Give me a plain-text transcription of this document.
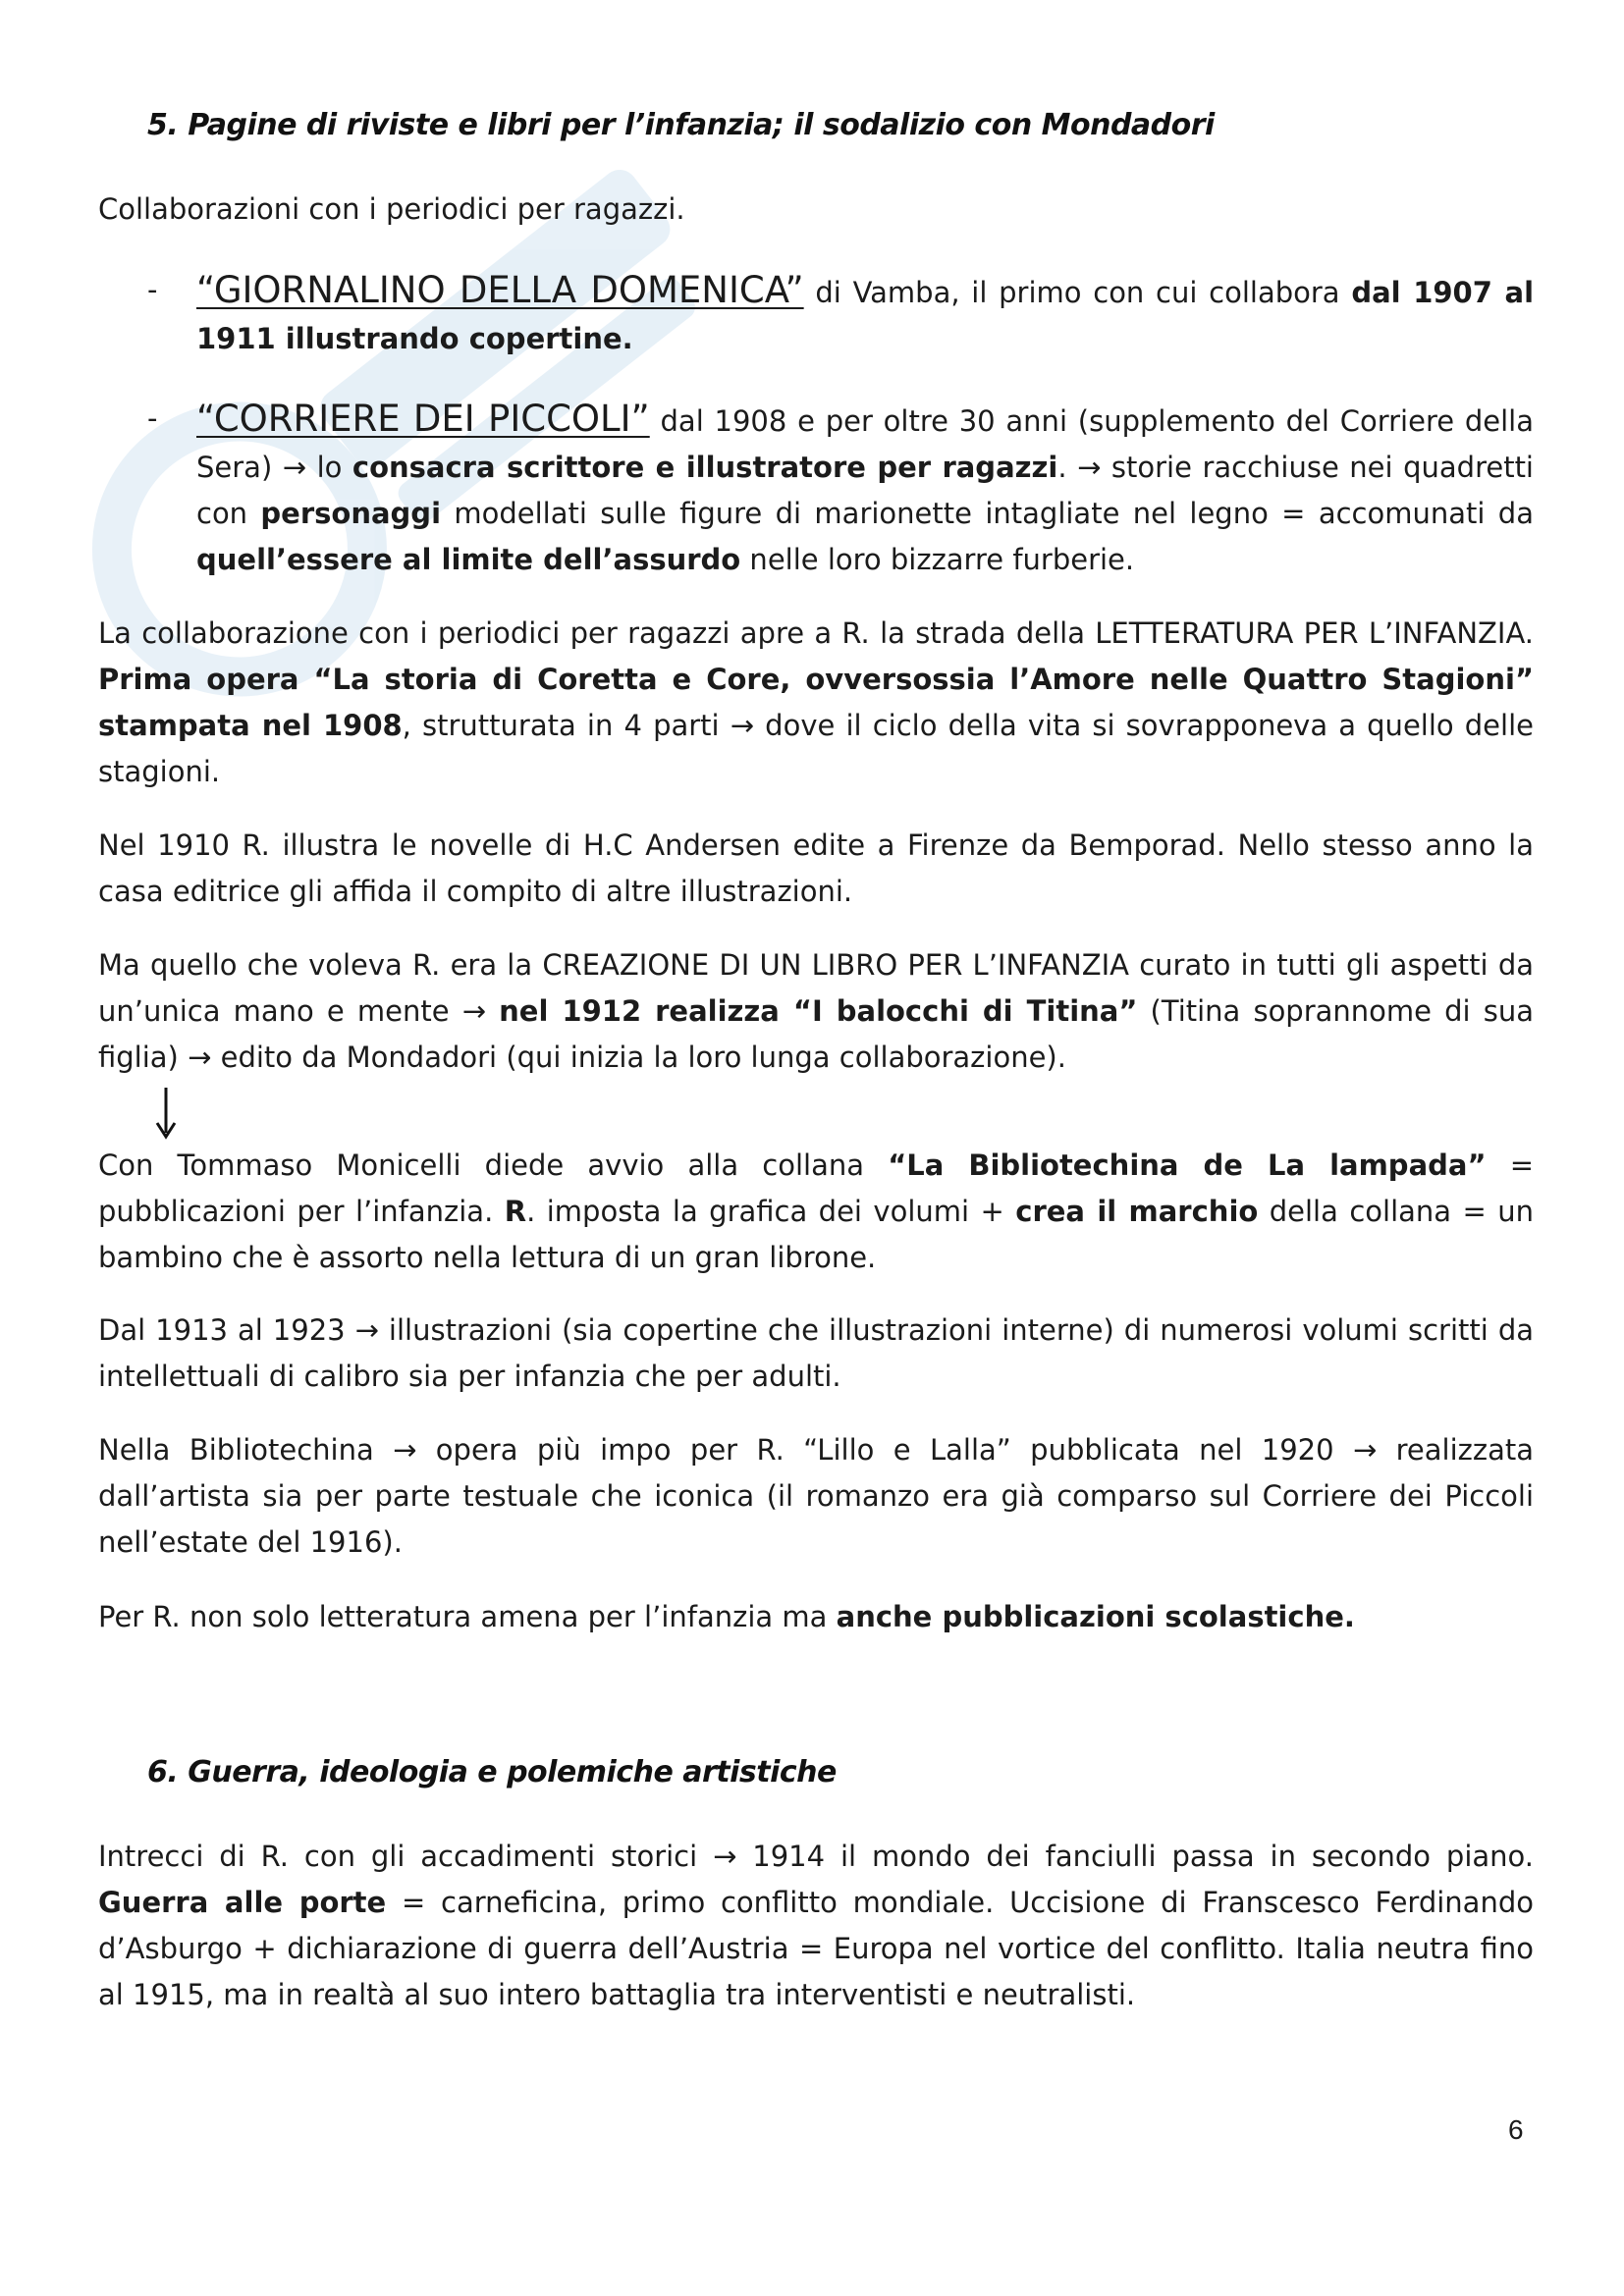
5. Pagine di riviste e libri per l’infanzia; il sodalizio con Mondadori

Collaborazioni con i periodici per ragazzi.

- “GIORNALINO DELLA DOMENICA” di Vamba, il primo con cui collabora dal 1907 al 1911 illustrando copertine.

- “CORRIERE DEI PICCOLI” dal 1908 e per oltre 30 anni (supplemento del Corriere della Sera) → lo consacra scrittore e illustratore per ragazzi. → storie racchiuse nei quadretti con personaggi modellati sulle figure di marionette intagliate nel legno = accomunati da quell’essere al limite dell’assurdo nelle loro bizzarre furberie.

La collaborazione con i periodici per ragazzi apre a R. la strada della LETTERATURA PER L’INFANZIA. Prima opera “La storia di Coretta e Core, ovversossia l’Amore nelle Quattro Stagioni” stampata nel 1908, strutturata in 4 parti → dove il ciclo della vita si sovrapponeva a quello delle stagioni.

Nel 1910 R. illustra le novelle di H.C Andersen edite a Firenze da Bemporad. Nello stesso anno la casa editrice gli affida il compito di altre illustrazioni.

Ma quello che voleva R. era la CREAZIONE DI UN LIBRO PER L’INFANZIA curato in tutti gli aspetti da un’unica mano e mente → nel 1912 realizza “I balocchi di Titina” (Titina soprannome di sua figlia) → edito da Mondadori (qui inizia la loro lunga collaborazione).

Con Tommaso Monicelli diede avvio alla collana “La Bibliotechina de La lampada” = pubblicazioni per l’infanzia. R. imposta la grafica dei volumi + crea il marchio della collana = un bambino che è assorto nella lettura di un gran librone.

Dal 1913 al 1923 → illustrazioni (sia copertine che illustrazioni interne) di numerosi volumi scritti da intellettuali di calibro sia per infanzia che per adulti.

Nella Bibliotechina → opera più impo per R. “Lillo e Lalla” pubblicata nel 1920 → realizzata dall’artista sia per parte testuale che iconica (il romanzo era già comparso sul Corriere dei Piccoli nell’estate del 1916).

Per R. non solo letteratura amena per l’infanzia ma anche pubblicazioni scolastiche.

6. Guerra, ideologia e polemiche artistiche

Intrecci di R. con gli accadimenti storici → 1914 il mondo dei fanciulli passa in secondo piano. Guerra alle porte = carneficina, primo conflitto mondiale. Uccisione di Franscesco Ferdinando d’Asburgo + dichiarazione di guerra dell’Austria = Europa nel vortice del conflitto. Italia neutra fino al 1915, ma in realtà al suo intero battaglia tra interventisti e neutralisti.

6
